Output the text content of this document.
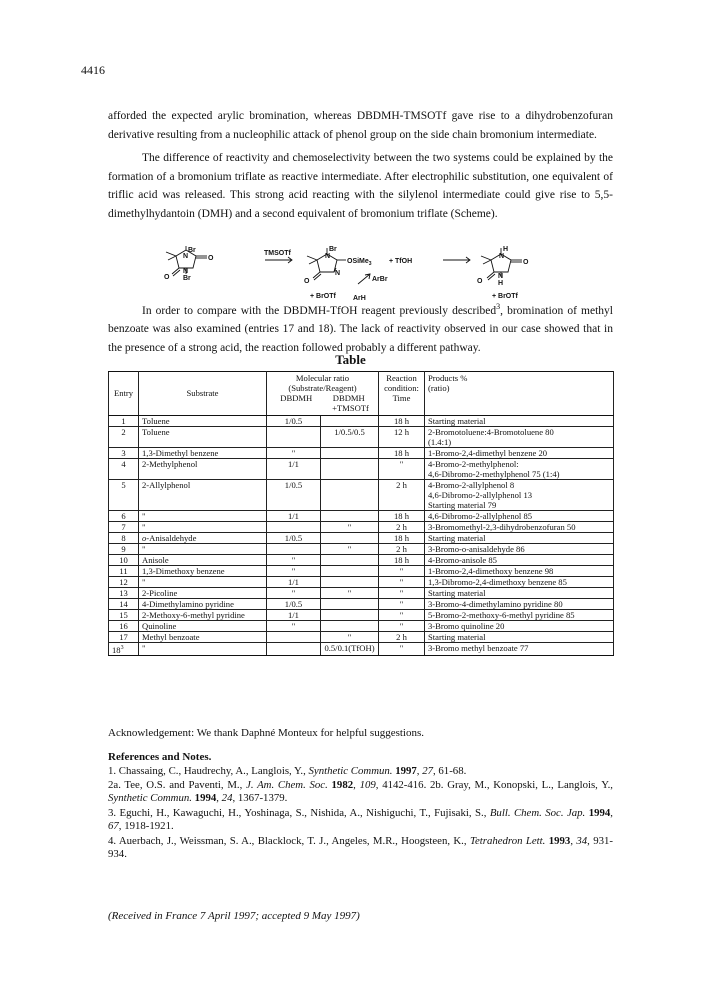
4416

afforded the expected arylic bromination, whereas DBDMH-TMSOTf gave rise to a dihydrobenzofuran derivative resulting from a nucleophilic attack of phenol group on the side chain bromonium intermediate.

The difference of reactivity and chemoselectivity between the two systems could be explained by the formation of a bromonium triflate as reactive intermediate. After electrophilic substitution, one equivalent of triflic acid was released. This strong acid reacting with the silylenol intermediate could give rise to 5,5-dimethylhydantoin (DMH) and a second equivalent of bromonium triflate (Scheme).

Br
N	O
O
N
Br
TMSOTf
Br
N
O
N
OSiMe$_3$ + TfOH
ArBr
+ BrOTf ArH
H
N
O
O
N
H
+ BrOTf

In order to compare with the DBDMH-TfOH reagent previously described$^3$, bromination of methyl benzoate was also examined (entries 17 and 18). The lack of reactivity observed in our case showed that in the presence of a strong acid, the reaction followed probably a different pathway.

Table
Entry	Substrate	Molecular ratio
(Substrate/Reagent)
DBDMH DBDMH
+TMSOTf		Reaction
condition:
Time	Products %
(ratio)

1	Toluene	1/0.5		18 h	Starting material

2	Toluene		1/0.5/0.5	12 h	2-Bromotoluene:4-Bromotoluene 80
(1.4:1)

3	1,3-Dimethyl benzene	"		18 h	1-Bromo-2,4-dimethyl benzene 20

4	2-Methylphenol	1/1		"	4-Bromo-2-methylphenol:
4,6-Dibromo-2-methylphenol 75 (1:4)

5	2-Allylphenol	1/0.5		2 h	4-Bromo-2-allylphenol 8
4,6-Dibromo-2-allylphenol 13
Starting material 79

6	"	1/1		18 h	4,6-Dibromo-2-allylphenol 85

7	"		"	2 h	3-Bromomethyl-2,3-dihydrobenzofuran 50

8	o-Anisaldehyde	1/0.5		18 h	Starting material

9	"		"	2 h	3-Bromo-o-anisaldehyde 86

10	Anisole	"		18 h	4-Bromo-anisole 85

11	1,3-Dimethoxy benzene	"		"	1-Bromo-2,4-dimethoxy benzene 98

12	"	1/1		"	1,3-Dibromo-2,4-dimethoxy benzene 85

13	2-Picoline	"	"	"	Starting material

14	4-Dimethylamino pyridine	1/0.5		"	3-Bromo-4-dimethylamino pyridine 80

15	2-Methoxy-6-methyl pyridine	1/1		"	5-Bromo-2-methoxy-6-methyl pyridine 85

16	Quinoline	"		"	3-Bromo quinoline 20

17	Methyl benzoate		"	2 h	Starting material

$18^3$	"		0.5/0.1(TfOH)	"	3-Bromo methyl benzoate 77
Acknowledgement: We thank Daphné Monteux for helpful suggestions.
References and Notes.

1. Chassaing, C., Haudrechy, A., Langlois, Y., Synthetic Commun. 1997, 27, 61-68.

2a. Tee, O.S. and Paventi, M., J. Am. Chem. Soc. 1982, 109, 4142-416. 2b. Gray, M., Konopski, L., Langlois, Y., Synthetic Commun. 1994, 24, 1367-1379.

3. Eguchi, H., Kawaguchi, H., Yoshinaga, S., Nishida, A., Nishiguchi, T., Fujisaki, S., Bull. Chem. Soc. Jap. 1994, 67, 1918-1921.

4. Auerbach, J., Weissman, S. A., Blacklock, T. J., Angeles, M.R., Hoogsteen, K., Tetrahedron Lett. 1993, 34, 931-934.

(Received in France 7 April 1997; accepted 9 May 1997)
